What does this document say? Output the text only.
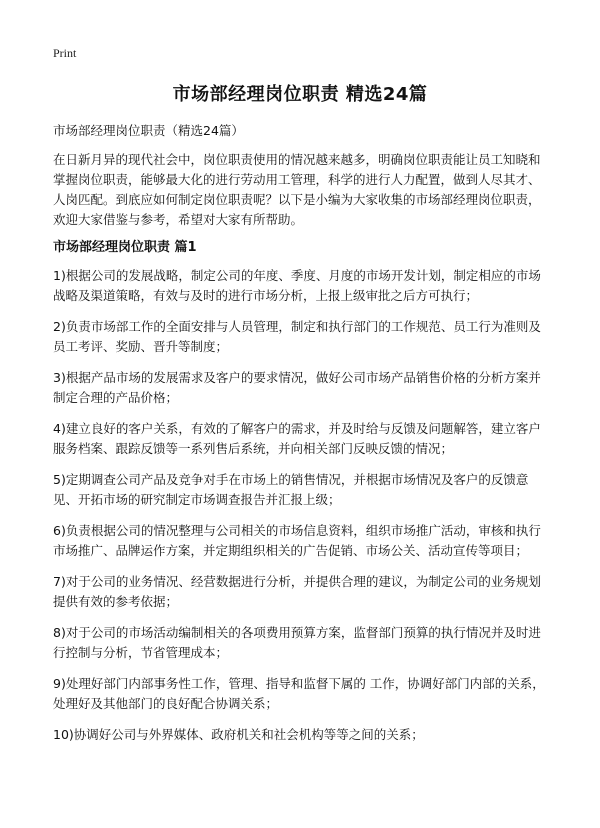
Print
市场部经理岗位职责 精选24篇

市场部经理岗位职责（精选24篇）

在日新月异的现代社会中，岗位职责使用的情况越来越多，明确岗位职责能让员工知晓和掌握岗位职责，能够最大化的进行劳动用工管理，科学的进行人力配置，做到人尽其才、人岗匹配。到底应如何制定岗位职责呢？以下是小编为大家收集的市场部经理岗位职责，欢迎大家借鉴与参考，希望对大家有所帮助。

市场部经理岗位职责 篇1
1)根据公司的发展战略，制定公司的年度、季度、月度的市场开发计划，制定相应的市场战略及渠道策略，有效与及时的进行市场分析，上报上级审批之后方可执行；
2)负责市场部工作的全面安排与人员管理，制定和执行部门的工作规范、员工行为准则及员工考评、奖励、晋升等制度；
3)根据产品市场的发展需求及客户的要求情况，做好公司市场产品销售价格的分析方案并制定合理的产品价格；
4)建立良好的客户关系，有效的了解客户的需求，并及时给与反馈及问题解答，建立客户服务档案、跟踪反馈等一系列售后系统，并向相关部门反映反馈的情况；
5)定期调查公司产品及竞争对手在市场上的销售情况，并根据市场情况及客户的反馈意见、开拓市场的研究制定市场调查报告并汇报上级；
6)负责根据公司的情况整理与公司相关的市场信息资料，组织市场推广活动，审核和执行市场推广、品牌运作方案，并定期组织相关的广告促销、市场公关、活动宣传等项目；
7)对于公司的业务情况、经营数据进行分析，并提供合理的建议，为制定公司的业务规划提供有效的参考依据；
8)对于公司的市场活动编制相关的各项费用预算方案，监督部门预算的执行情况并及时进行控制与分析，节省管理成本；
9)处理好部门内部事务性工作，管理、指导和监督下属的 工作，协调好部门内部的关系，处理好及其他部门的良好配合协调关系；
10)协调好公司与外界媒体、政府机关和社会机构等等之间的关系；
